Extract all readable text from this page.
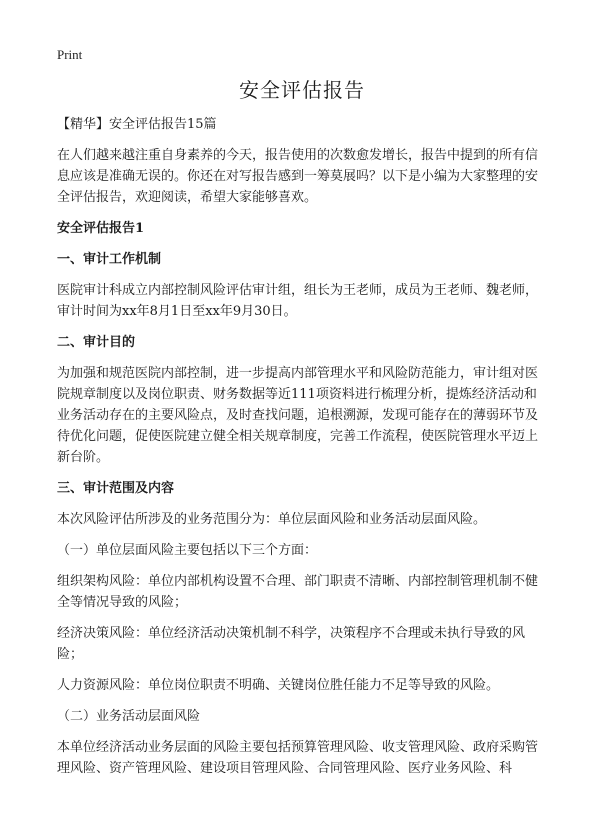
Print
安全评估报告

【精华】安全评估报告15篇

在人们越来越注重自身素养的今天，报告使用的次数愈发增长，报告中提到的所有信息应该是准确无误的。你还在对写报告感到一筹莫展吗？以下是小编为大家整理的安全评估报告，欢迎阅读，希望大家能够喜欢。

安全评估报告1

一、审计工作机制

医院审计科成立内部控制风险评估审计组，组长为王老师，成员为王老师、魏老师，审计时间为xx年8月1日至xx年9月30日。

二、审计目的

为加强和规范医院内部控制，进一步提高内部管理水平和风险防范能力，审计组对医院规章制度以及岗位职责、财务数据等近111项资料进行梳理分析，提炼经济活动和业务活动存在的主要风险点，及时查找问题，追根溯源，发现可能存在的薄弱环节及待优化问题，促使医院建立健全相关规章制度，完善工作流程，使医院管理水平迈上新台阶。

三、审计范围及内容

本次风险评估所涉及的业务范围分为：单位层面风险和业务活动层面风险。

（一）单位层面风险主要包括以下三个方面：

组织架构风险：单位内部机构设置不合理、部门职责不清晰、内部控制管理机制不健全等情况导致的风险；

经济决策风险：单位经济活动决策机制不科学，决策程序不合理或未执行导致的风险；

人力资源风险：单位岗位职责不明确、关键岗位胜任能力不足等导致的风险。

（二）业务活动层面风险

本单位经济活动业务层面的风险主要包括预算管理风险、收支管理风险、政府采购管理风险、资产管理风险、建设项目管理风险、合同管理风险、医疗业务风险、科
